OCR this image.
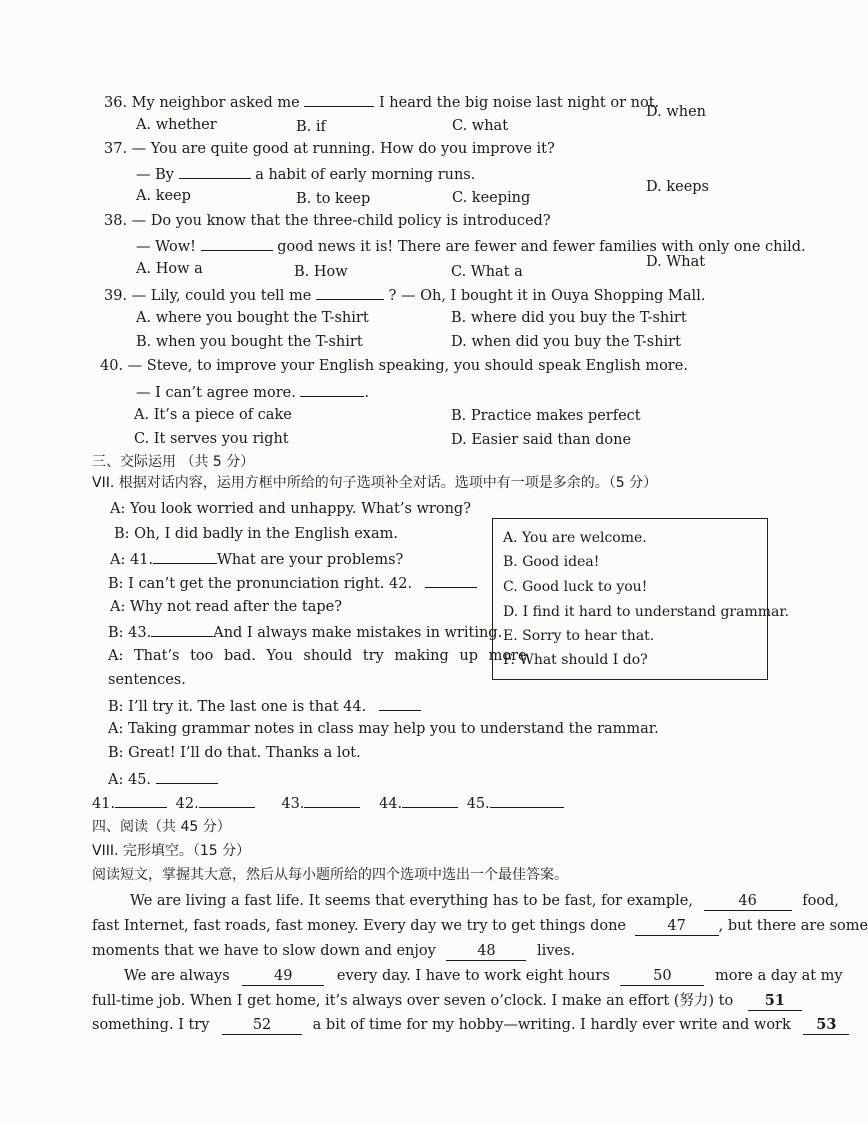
36. My neighbor asked me	I heard the big noise last night or not.
A. whether	B. if	C. what
D. when
37. — You are quite good at running. How do you improve it?
— By	a habit of early morning runs.
A. keep	B. to keep	C. keeping
D. keeps
38. — Do you know that the three-child policy is introduced?
— Wow!	good news it is! There are fewer and fewer families with only one child.
A. How a	B. How	C. What a
D. What
39. — Lily, could you tell me	? — Oh, I bought it in Ouya Shopping Mall.
A. where you bought the T-shirt	B. where did you buy the T-shirt
B. when you bought the T-shirt	D. when did you buy the T-shirt
40. — Steve, to improve your English speaking, you should speak English more.
— I can’t agree more.	.
A. It’s a piece of cake	B. Practice makes perfect
C. It serves you right	D. Easier said than done
三、交际运用 （共 5 分）
VII. 根据对话内容，运用方框中所给的句子选项补全对话。选项中有一项是多余的。（5 分）
A: You look worried and unhappy. What’s wrong?
B: Oh, I did badly in the English exam.
A: 41.	What are your problems?
B: I can’t get the pronunciation right. 42.
A: Why not read after the tape?
B: 43.	And I always make mistakes in writing.
A: That’s too bad. You should try making up more
sentences.
B: I’ll try it. The last one is that 44.
A: Taking grammar notes in class may help you to understand the rammar.
B: Great! I’ll do that. Thanks a lot.
A: 45.
A. You are welcome.
B. Good idea!
C. Good luck to you!
D. I find it hard to understand grammar.
E. Sorry to hear that.
F. What should I do?
41.	42.	43.	44.	45.
四、阅读（共 45 分）
VIII. 完形填空。（15 分）
阅读短文，掌握其大意，然后从每小题所给的四个选项中选出一个最佳答案。
We are living a fast life. It seems that everything has to be fast, for example,	46	food,
fast Internet, fast roads, fast money. Every day we try to get things done	47 , but there are some
moments that we have to slow down and enjoy	48	lives.
We are always	49	every day. I have to work eight hours	50	more a day at my
full-time job. When I get home, it’s always over seven o’clock. I make an effort (努力) to 51
something. I try	52	a bit of time for my hobby—writing. I hardly ever write and work 53
